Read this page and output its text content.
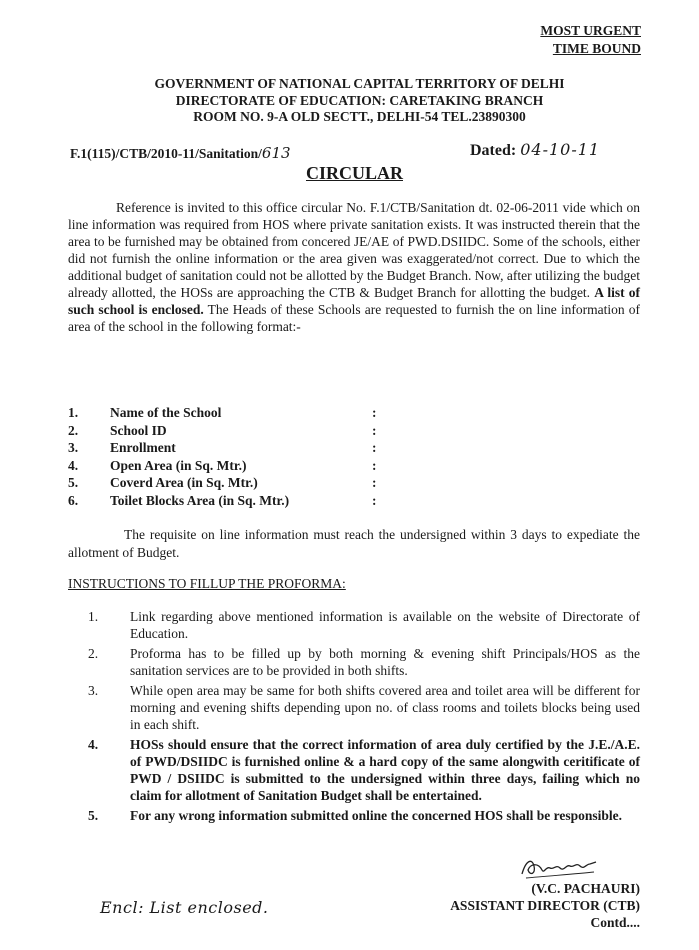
MOST URGENT
TIME BOUND
GOVERNMENT OF NATIONAL CAPITAL TERRITORY OF DELHI
DIRECTORATE OF EDUCATION: CARETAKING BRANCH
ROOM NO. 9-A OLD SECTT., DELHI-54 TEL.23890300
F.1(115)/CTB/2010-11/Sanitation/613	Dated: 04-10-11
CIRCULAR
Reference is invited to this office circular No. F.1/CTB/Sanitation dt. 02-06-2011 vide which on line information was required from HOS where private sanitation exists. It was instructed therein that the area to be furnished may be obtained from concered JE/AE of PWD.DSIIDC. Some of the schools, either did not furnish the online information or the area given was exaggerated/not correct. Due to which the additional budget of sanitation could not be allotted by the Budget Branch. Now, after utilizing the budget already allotted, the HOSs are approaching the CTB & Budget Branch for allotting the budget. A list of such school is enclosed. The Heads of these Schools are requested to furnish the on line information of area of the school in the following format:-
1. Name of the School	:
2. School ID	:
3. Enrollment	:
4. Open Area (in Sq. Mtr.)	:
5. Coverd Area (in Sq. Mtr.)	:
6. Toilet Blocks Area (in Sq. Mtr.)	:
The requisite on line information must reach the undersigned within 3 days to expediate the allotment of Budget.
INSTRUCTIONS TO FILLUP THE PROFORMA:
1. Link regarding above mentioned information is available on the website of Directorate of Education.
2. Proforma has to be filled up by both morning & evening shift Principals/HOS as the sanitation services are to be provided in both shifts.
3. While open area may be same for both shifts covered area and toilet area will be different for morning and evening shifts depending upon no. of class rooms and toilets blocks being used in each shift.
4. HOSs should ensure that the correct information of area duly certified by the J.E./A.E. of PWD/DSIIDC is furnished online & a hard copy of the same alongwith ceritificate of PWD / DSIIDC is submitted to the undersigned within three days, failing which no claim for allotment of Sanitation Budget shall be entertained.
5. For any wrong information submitted online the concerned HOS shall be responsible.
(V.C. PACHAURI)
ASSISTANT DIRECTOR (CTB)
Contd....
Encl: List enclosed.
